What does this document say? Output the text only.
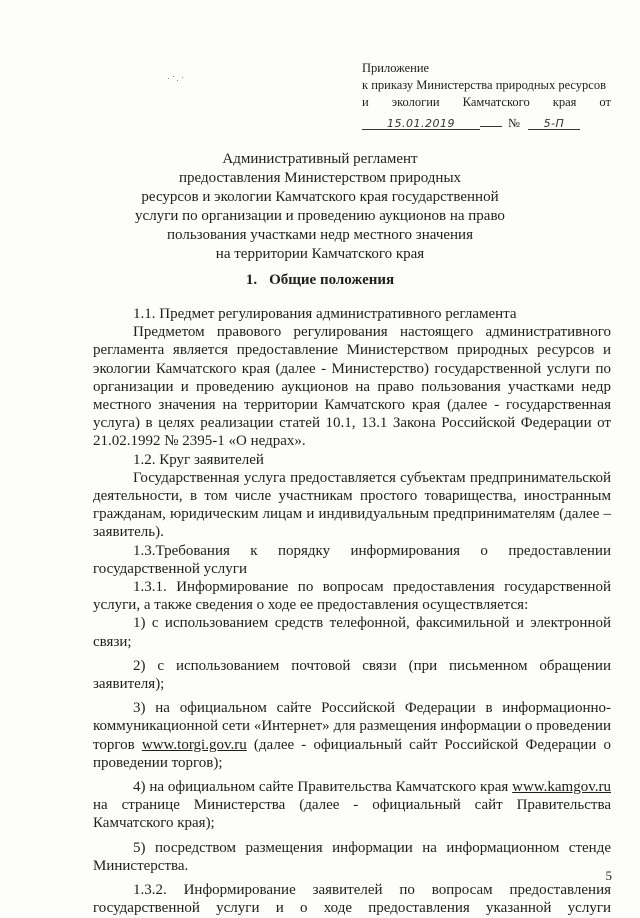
Приложение
к приказу Министерства природных ресурсов
и экологии Камчатского края от
15.01.2019	№	5-П
Административный регламент
предоставления Министерством природных
ресурсов и экологии Камчатского края государственной
услуги по организации и проведению аукционов на право
пользования участками недр местного значения
на территории Камчатского края
1. Общие положения

1.1. Предмет регулирования административного регламента

Предметом правового регулирования настоящего административного регламента является предоставление Министерством природных ресурсов и экологии Камчатского края (далее - Министерство) государственной услуги по организации и проведению аукционов на право пользования участками недр местного значения на территории Камчатского края (далее - государственная услуга) в целях реализации статей 10.1, 13.1 Закона Российской Федерации от 21.02.1992 № 2395-1 «О недрах».

1.2. Круг заявителей

Государственная услуга предоставляется субъектам предпринимательской деятельности, в том числе участникам простого товарищества, иностранным гражданам, юридическим лицам и индивидуальным предпринимателям (далее – заявитель).

1.3.Требования к порядку информирования о предоставлении государственной услуги

1.3.1. Информирование по вопросам предоставления государственной услуги, а также сведения о ходе ее предоставления осуществляется:

1) с использованием средств телефонной, факсимильной и электронной связи;

2) с использованием почтовой связи (при письменном обращении заявителя);

3) на официальном сайте Российской Федерации в информационно-коммуникационной сети «Интернет» для размещения информации о проведении торгов www.torgi.gov.ru (далее - официальный сайт Российской Федерации о проведении торгов);

4) на официальном сайте Правительства Камчатского края www.kamgov.ru на странице Министерства (далее - официальный сайт Правительства Камчатского края);

5) посредством размещения информации на информационном стенде Министерства.

1.3.2. Информирование заявителей по вопросам предоставления государственной услуги и о ходе предоставления указанной услуги

5
